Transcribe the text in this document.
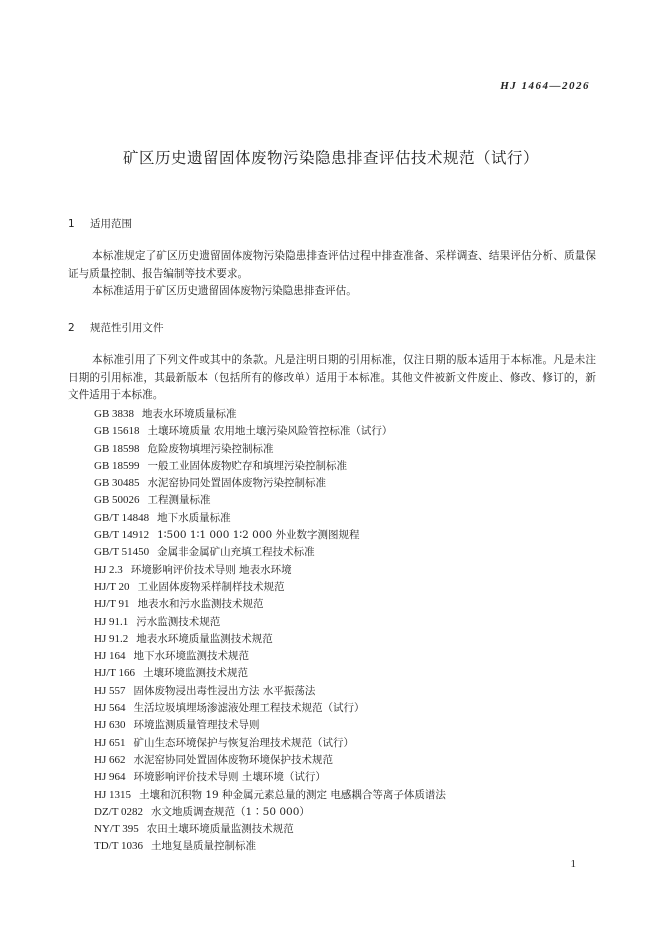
HJ 1464—2026
矿区历史遗留固体废物污染隐患排查评估技术规范（试行）
1 适用范围

本标准规定了矿区历史遗留固体废物污染隐患排查评估过程中排查准备、采样调查、结果评估分析、质量保证与质量控制、报告编制等技术要求。

本标准适用于矿区历史遗留固体废物污染隐患排查评估。

2 规范性引用文件

本标准引用了下列文件或其中的条款。凡是注明日期的引用标准，仅注日期的版本适用于本标准。凡是未注日期的引用标准，其最新版本（包括所有的修改单）适用于本标准。其他文件被新文件废止、修改、修订的，新文件适用于本标准。

GB 3838 地表水环境质量标准
GB 15618 土壤环境质量 农用地土壤污染风险管控标准（试行）
GB 18598 危险废物填埋污染控制标准
GB 18599 一般工业固体废物贮存和填埋污染控制标准
GB 30485 水泥窑协同处置固体废物污染控制标准
GB 50026 工程测量标准
GB/T 14848 地下水质量标准
GB/T 14912 1∶500 1∶1 000 1∶2 000 外业数字测图规程
GB/T 51450 金属非金属矿山充填工程技术标准
HJ 2.3 环境影响评价技术导则 地表水环境
HJ/T 20 工业固体废物采样制样技术规范
HJ/T 91 地表水和污水监测技术规范
HJ 91.1 污水监测技术规范
HJ 91.2 地表水环境质量监测技术规范
HJ 164 地下水环境监测技术规范
HJ/T 166 土壤环境监测技术规范
HJ 557 固体废物浸出毒性浸出方法 水平振荡法
HJ 564 生活垃圾填埋场渗滤液处理工程技术规范（试行）
HJ 630 环境监测质量管理技术导则
HJ 651 矿山生态环境保护与恢复治理技术规范（试行）
HJ 662 水泥窑协同处置固体废物环境保护技术规范
HJ 964 环境影响评价技术导则 土壤环境（试行）
HJ 1315 土壤和沉积物 19 种金属元素总量的测定 电感耦合等离子体质谱法
DZ/T 0282 水文地质调查规范（1∶50 000）
NY/T 395 农田土壤环境质量监测技术规范
TD/T 1036 土地复垦质量控制标准
1
